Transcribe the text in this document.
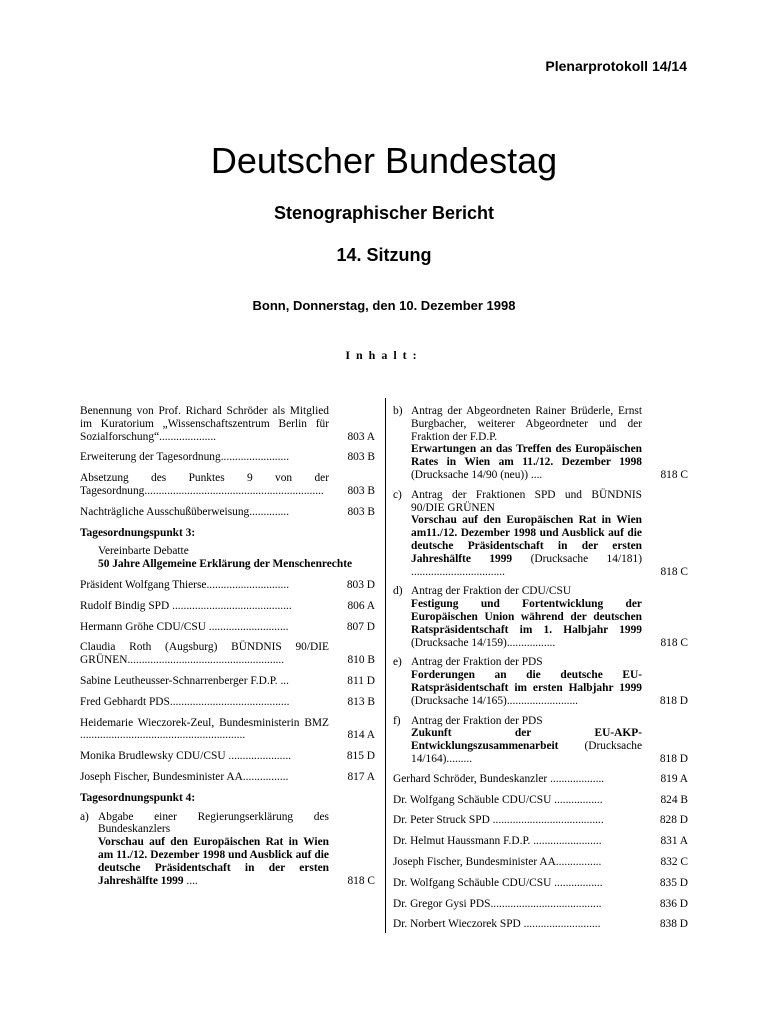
Plenarprotokoll 14/14
Deutscher Bundestag
Stenographischer Bericht
14. Sitzung
Bonn, Donnerstag, den 10. Dezember 1998
Inhalt:
Benennung von Prof. Richard Schröder als Mitglied im Kuratorium „Wissenschaftszentrum Berlin für Sozialforschung“....................	803 A
Erweiterung der Tagesordnung........................	803 B
Absetzung des Punktes 9 von der Tagesordnung...............................................................	803 B
Nachträgliche Ausschußüberweisung..............	803 B
Tagesordnungspunkt 3:
Vereinbarte Debatte
50 Jahre Allgemeine Erklärung der Menschenrechte
Präsident Wolfgang Thierse.............................	803 D
Rudolf Bindig SPD ..........................................	806 A
Hermann Gröhe CDU/CSU ............................	807 D
Claudia Roth (Augsburg) BÜNDNIS 90/DIE GRÜNEN.......................................................	810 B
Sabine Leutheusser-Schnarrenberger F.D.P. ...	811 D
Fred Gebhardt PDS..........................................	813 B
Heidemarie Wieczorek-Zeul, Bundesministerin BMZ ..........................................................	814 A
Monika Brudlewsky CDU/CSU ......................	815 D
Joseph Fischer, Bundesminister AA................	817 A
Tagesordnungspunkt 4:
a) Abgabe einer Regierungserklärung des Bundeskanzlers
Vorschau auf den Europäischen Rat in Wien am 11./12. Dezember 1998 und Ausblick auf die deutsche Präsidentschaft in der ersten Jahreshälfte 1999 ....	818 C
b) Antrag der Abgeordneten Rainer Brüderle, Ernst Burgbacher, weiterer Abgeordneter und der Fraktion der F.D.P.
Erwartungen an das Treffen des Europäischen Rates in Wien am 11./12. Dezember 1998 (Drucksache 14/90 (neu)) ....	818 C
c) Antrag der Fraktionen SPD und BÜNDNIS 90/DIE GRÜNEN
Vorschau auf den Europäischen Rat in Wien am11./12. Dezember 1998 und Ausblick auf die deutsche Präsidentschaft in der ersten Jahreshälfte 1999 (Drucksache 14/181) .................................	818 C
d) Antrag der Fraktion der CDU/CSU
Festigung und Fortentwicklung der Europäischen Union während der deutschen Ratspräsidentschaft im 1. Halbjahr 1999 (Drucksache 14/159).................	818 C
e) Antrag der Fraktion der PDS
Forderungen an die deutsche EU-Ratspräsidentschaft im ersten Halbjahr 1999 (Drucksache 14/165).........................	818 D
f) Antrag der Fraktion der PDS
Zukunft der EU-AKP-Entwicklungszusammenarbeit (Drucksache 14/164).........	818 D
Gerhard Schröder, Bundeskanzler ...................	819 A
Dr. Wolfgang Schäuble CDU/CSU .................	824 B
Dr. Peter Struck SPD .......................................	828 D
Dr. Helmut Haussmann F.D.P. ........................	831 A
Joseph Fischer, Bundesminister AA................	832 C
Dr. Wolfgang Schäuble CDU/CSU .................	835 D
Dr. Gregor Gysi PDS.......................................	836 D
Dr. Norbert Wieczorek SPD ...........................	838 D
